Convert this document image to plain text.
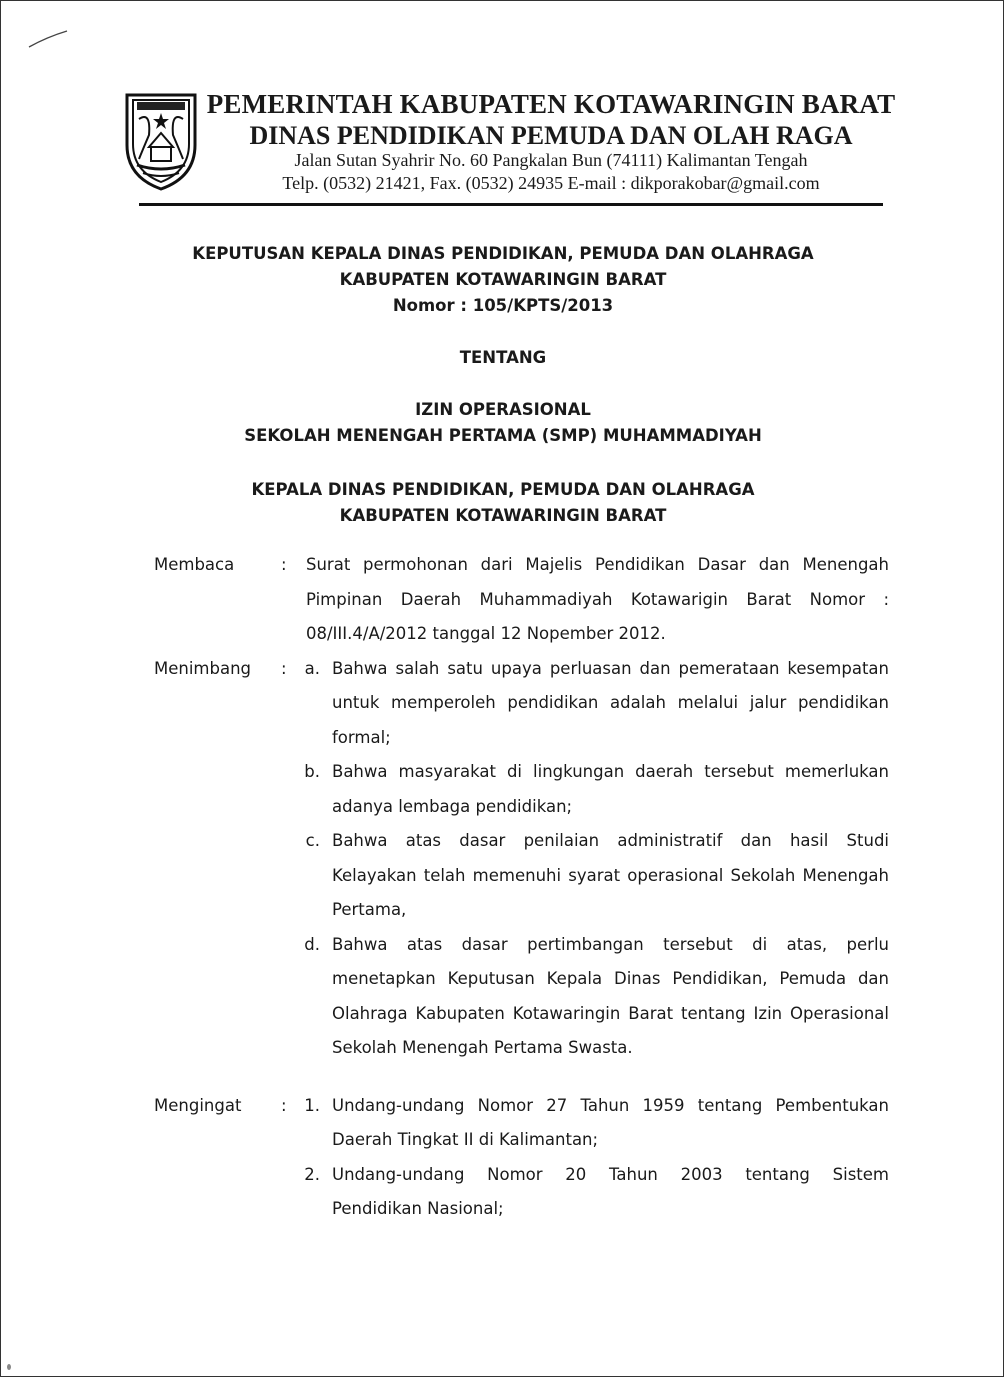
PEMERINTAH KABUPATEN KOTAWARINGIN BARAT
DINAS PENDIDIKAN PEMUDA DAN OLAH RAGA
Jalan Sutan Syahrir No. 60 Pangkalan Bun (74111) Kalimantan Tengah
Telp. (0532) 21421, Fax. (0532) 24935 E-mail : dikporakobar@gmail.com
KEPUTUSAN KEPALA DINAS PENDIDIKAN, PEMUDA DAN OLAHRAGA
KABUPATEN KOTAWARINGIN BARAT
Nomor : 105/KPTS/2013
TENTANG
IZIN OPERASIONAL
SEKOLAH MENENGAH PERTAMA (SMP) MUHAMMADIYAH
KEPALA DINAS PENDIDIKAN, PEMUDA DAN OLAHRAGA
KABUPATEN KOTAWARINGIN BARAT
Membaca	: Surat permohonan dari Majelis Pendidikan Dasar dan Menengah
Pimpinan Daerah Muhammadiyah Kotawarigin Barat Nomor :
08/III.4/A/2012 tanggal 12 Nopember 2012.
Menimbang : a. Bahwa salah satu upaya perluasan dan pemerataan kesempatan
untuk memperoleh pendidikan adalah melalui jalur pendidikan
formal;
b. Bahwa masyarakat di lingkungan daerah tersebut memerlukan
adanya lembaga pendidikan;
c. Bahwa atas dasar penilaian administratif dan hasil Studi
Kelayakan telah memenuhi syarat operasional Sekolah Menengah
Pertama,
d. Bahwa atas dasar pertimbangan tersebut di atas, perlu
menetapkan Keputusan Kepala Dinas Pendidikan, Pemuda dan
Olahraga Kabupaten Kotawaringin Barat tentang Izin Operasional
Sekolah Menengah Pertama Swasta.
Mengingat : 1. Undang-undang Nomor 27 Tahun 1959 tentang Pembentukan
Daerah Tingkat II di Kalimantan;
2. Undang-undang Nomor 20 Tahun 2003 tentang Sistem
Pendidikan Nasional;
